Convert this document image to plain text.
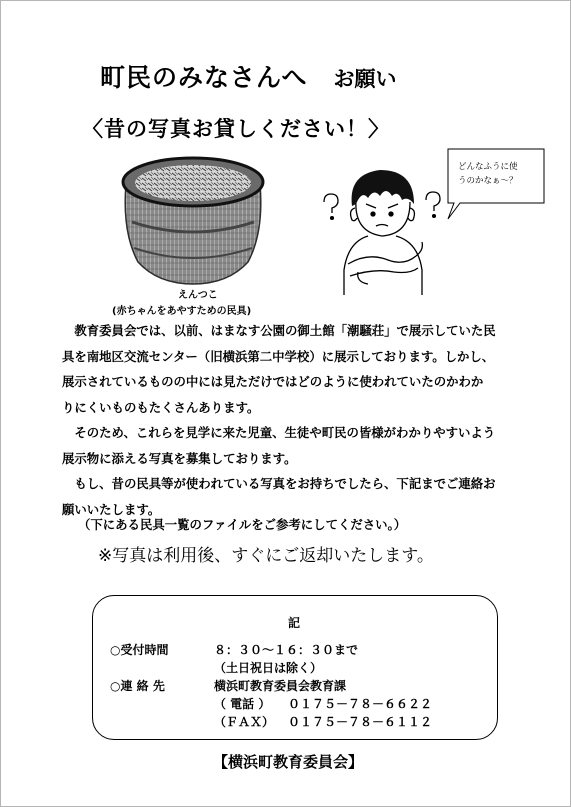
町民のみなさんへ お願い
〈昔の写真お貸しください！〉
えんつこ
(赤ちゃんをあやすための民具)
どんなふうに使
うのかなぁ～？

　教育委員会では、以前、はまなす公園の御土館「潮騒荘」で展示していた民

具を南地区交流センター（旧横浜第二中学校）に展示しております。しかし、

展示されているものの中には見ただけではどのように使われていたのかわか

りにくいものもたくさんあります。

　そのため、これらを見学に来た児童、生徒や町民の皆様がわかりやすいよう

展示物に添える写真を募集しております。

　もし、昔の民具等が使われている写真をお持ちでしたら、下記までご連絡お

願いいたします。

（下にある民具一覧のファイルをご参考にしてください。）
※写真は利用後、すぐにご返却いたします。
記
○受付時間	８：３０～１６：３０まで
（土日祝日は除く）
○連 絡 先	横浜町教育委員会教育課
（ 電話 ） ０１７５－７８－６６２２
（ＦＡＸ） ０１７５－７８－６１１２
【横浜町教育委員会】
